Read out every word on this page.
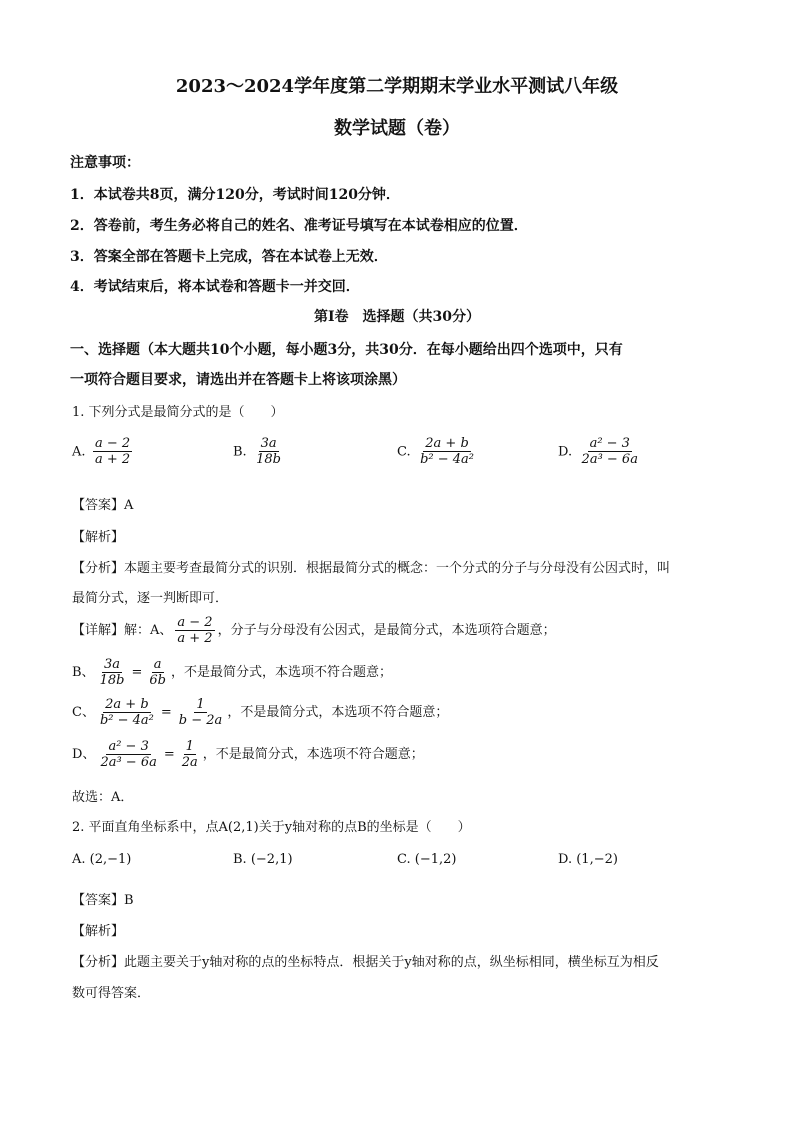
2023～2024学年度第二学期期末学业水平测试八年级
数学试题（卷）
注意事项：
1．本试卷共8页，满分120分，考试时间120分钟．
2．答卷前，考生务必将自己的姓名、准考证号填写在本试卷相应的位置．
3．答案全部在答题卡上完成，答在本试卷上无效．
4．考试结束后，将本试卷和答题卡一并交回．
第Ⅰ卷　选择题（共30分）
一、选择题（本大题共10个小题，每小题3分，共30分．在每小题给出四个选项中，只有
一项符合题目要求，请选出并在答题卡上将该项涂黑）
1. 下列分式是最简分式的是（　　）
A. $\frac{a - 2}{a + 2}$	B. $\frac{3a}{18b}$	C. $\frac{2a + b}{\text{b² − 4a²}}$	D. $\frac{\text{a² − 3}}{\text{2a³ − 6a}}$
【答案】A
【解析】
【分析】本题主要考查最简分式的识别．根据最简分式的概念：一个分式的分子与分母没有公因式时，叫
最简分式，逐一判断即可．
【详解】解：A、 $\frac{a - 2}{a + 2}$ ，分子与分母没有公因式，是最简分式，本选项符合题意；
B、 $\frac{3a}{18b} = \frac{a}{6b}$ ，不是最简分式，本选项不符合题意；
C、 $\frac{2a + b}{\text{b² − 4a²}} = \frac{1}{b - 2a}$ ，不是最简分式，本选项不符合题意；
D、 $\frac{\text{a² − 3}}{\text{2a³ − 6a}} = \frac{1}{2a}$ ，不是最简分式，本选项不符合题意；
故选：A．
2. 平面直角坐标系中，点A(2,1)关于y轴对称的点B的坐标是（　　）
A. (2,−1)	B. (−2,1)	C. (−1,2)	D. (1,−2)
【答案】B
【解析】
【分析】此题主要关于y轴对称的点的坐标特点．根据关于y轴对称的点，纵坐标相同，横坐标互为相反
数可得答案．
